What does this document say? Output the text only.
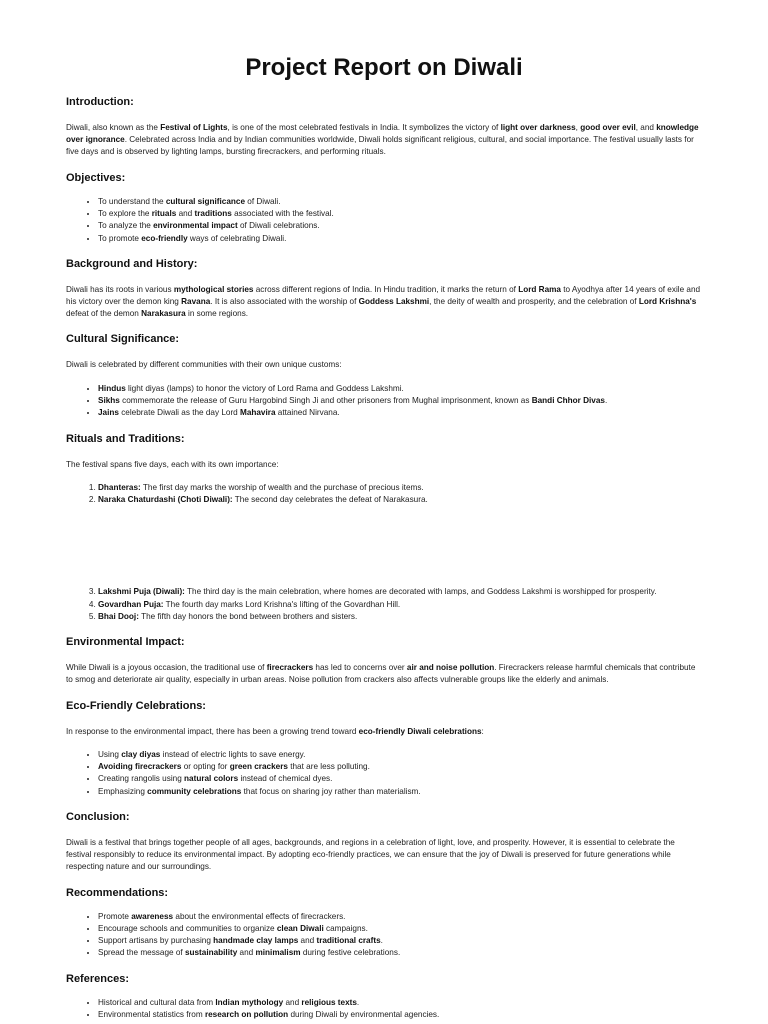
Project Report on Diwali
Introduction:

Diwali, also known as the Festival of Lights, is one of the most celebrated festivals in India. It symbolizes the victory of light over darkness, good over evil, and knowledge over ignorance. Celebrated across India and by Indian communities worldwide, Diwali holds significant religious, cultural, and social importance. The festival usually lasts for five days and is observed by lighting lamps, bursting firecrackers, and performing rituals.

Objectives:
• To understand the cultural significance of Diwali.
• To explore the rituals and traditions associated with the festival.
• To analyze the environmental impact of Diwali celebrations.
• To promote eco-friendly ways of celebrating Diwali.
Background and History:

Diwali has its roots in various mythological stories across different regions of India. In Hindu tradition, it marks the return of Lord Rama to Ayodhya after 14 years of exile and his victory over the demon king Ravana. It is also associated with the worship of Goddess Lakshmi, the deity of wealth and prosperity, and the celebration of Lord Krishna's defeat of the demon Narakasura in some regions.

Cultural Significance:

Diwali is celebrated by different communities with their own unique customs:

• Hindus light diyas (lamps) to honor the victory of Lord Rama and Goddess Lakshmi.
• Sikhs commemorate the release of Guru Hargobind Singh Ji and other prisoners from Mughal imprisonment, known as Bandi Chhor Divas.
• Jains celebrate Diwali as the day Lord Mahavira attained Nirvana.
Rituals and Traditions:

The festival spans five days, each with its own importance:

1. Dhanteras: The first day marks the worship of wealth and the purchase of precious items.
2. Naraka Chaturdashi (Choti Diwali): The second day celebrates the defeat of Narakasura.
3. Lakshmi Puja (Diwali): The third day is the main celebration, where homes are decorated with lamps, and Goddess Lakshmi is worshipped for prosperity.
4. Govardhan Puja: The fourth day marks Lord Krishna's lifting of the Govardhan Hill.
5. Bhai Dooj: The fifth day honors the bond between brothers and sisters.
Environmental Impact:

While Diwali is a joyous occasion, the traditional use of firecrackers has led to concerns over air and noise pollution. Firecrackers release harmful chemicals that contribute to smog and deteriorate air quality, especially in urban areas. Noise pollution from crackers also affects vulnerable groups like the elderly and animals.

Eco-Friendly Celebrations:

In response to the environmental impact, there has been a growing trend toward eco-friendly Diwali celebrations:

• Using clay diyas instead of electric lights to save energy.
• Avoiding firecrackers or opting for green crackers that are less polluting.
• Creating rangolis using natural colors instead of chemical dyes.
• Emphasizing community celebrations that focus on sharing joy rather than materialism.
Conclusion:

Diwali is a festival that brings together people of all ages, backgrounds, and regions in a celebration of light, love, and prosperity. However, it is essential to celebrate the festival responsibly to reduce its environmental impact. By adopting eco-friendly practices, we can ensure that the joy of Diwali is preserved for future generations while respecting nature and our surroundings.

Recommendations:
• Promote awareness about the environmental effects of firecrackers.
• Encourage schools and communities to organize clean Diwali campaigns.
• Support artisans by purchasing handmade clay lamps and traditional crafts.
• Spread the message of sustainability and minimalism during festive celebrations.
References:
• Historical and cultural data from Indian mythology and religious texts.
• Environmental statistics from research on pollution during Diwali by environmental agencies.
